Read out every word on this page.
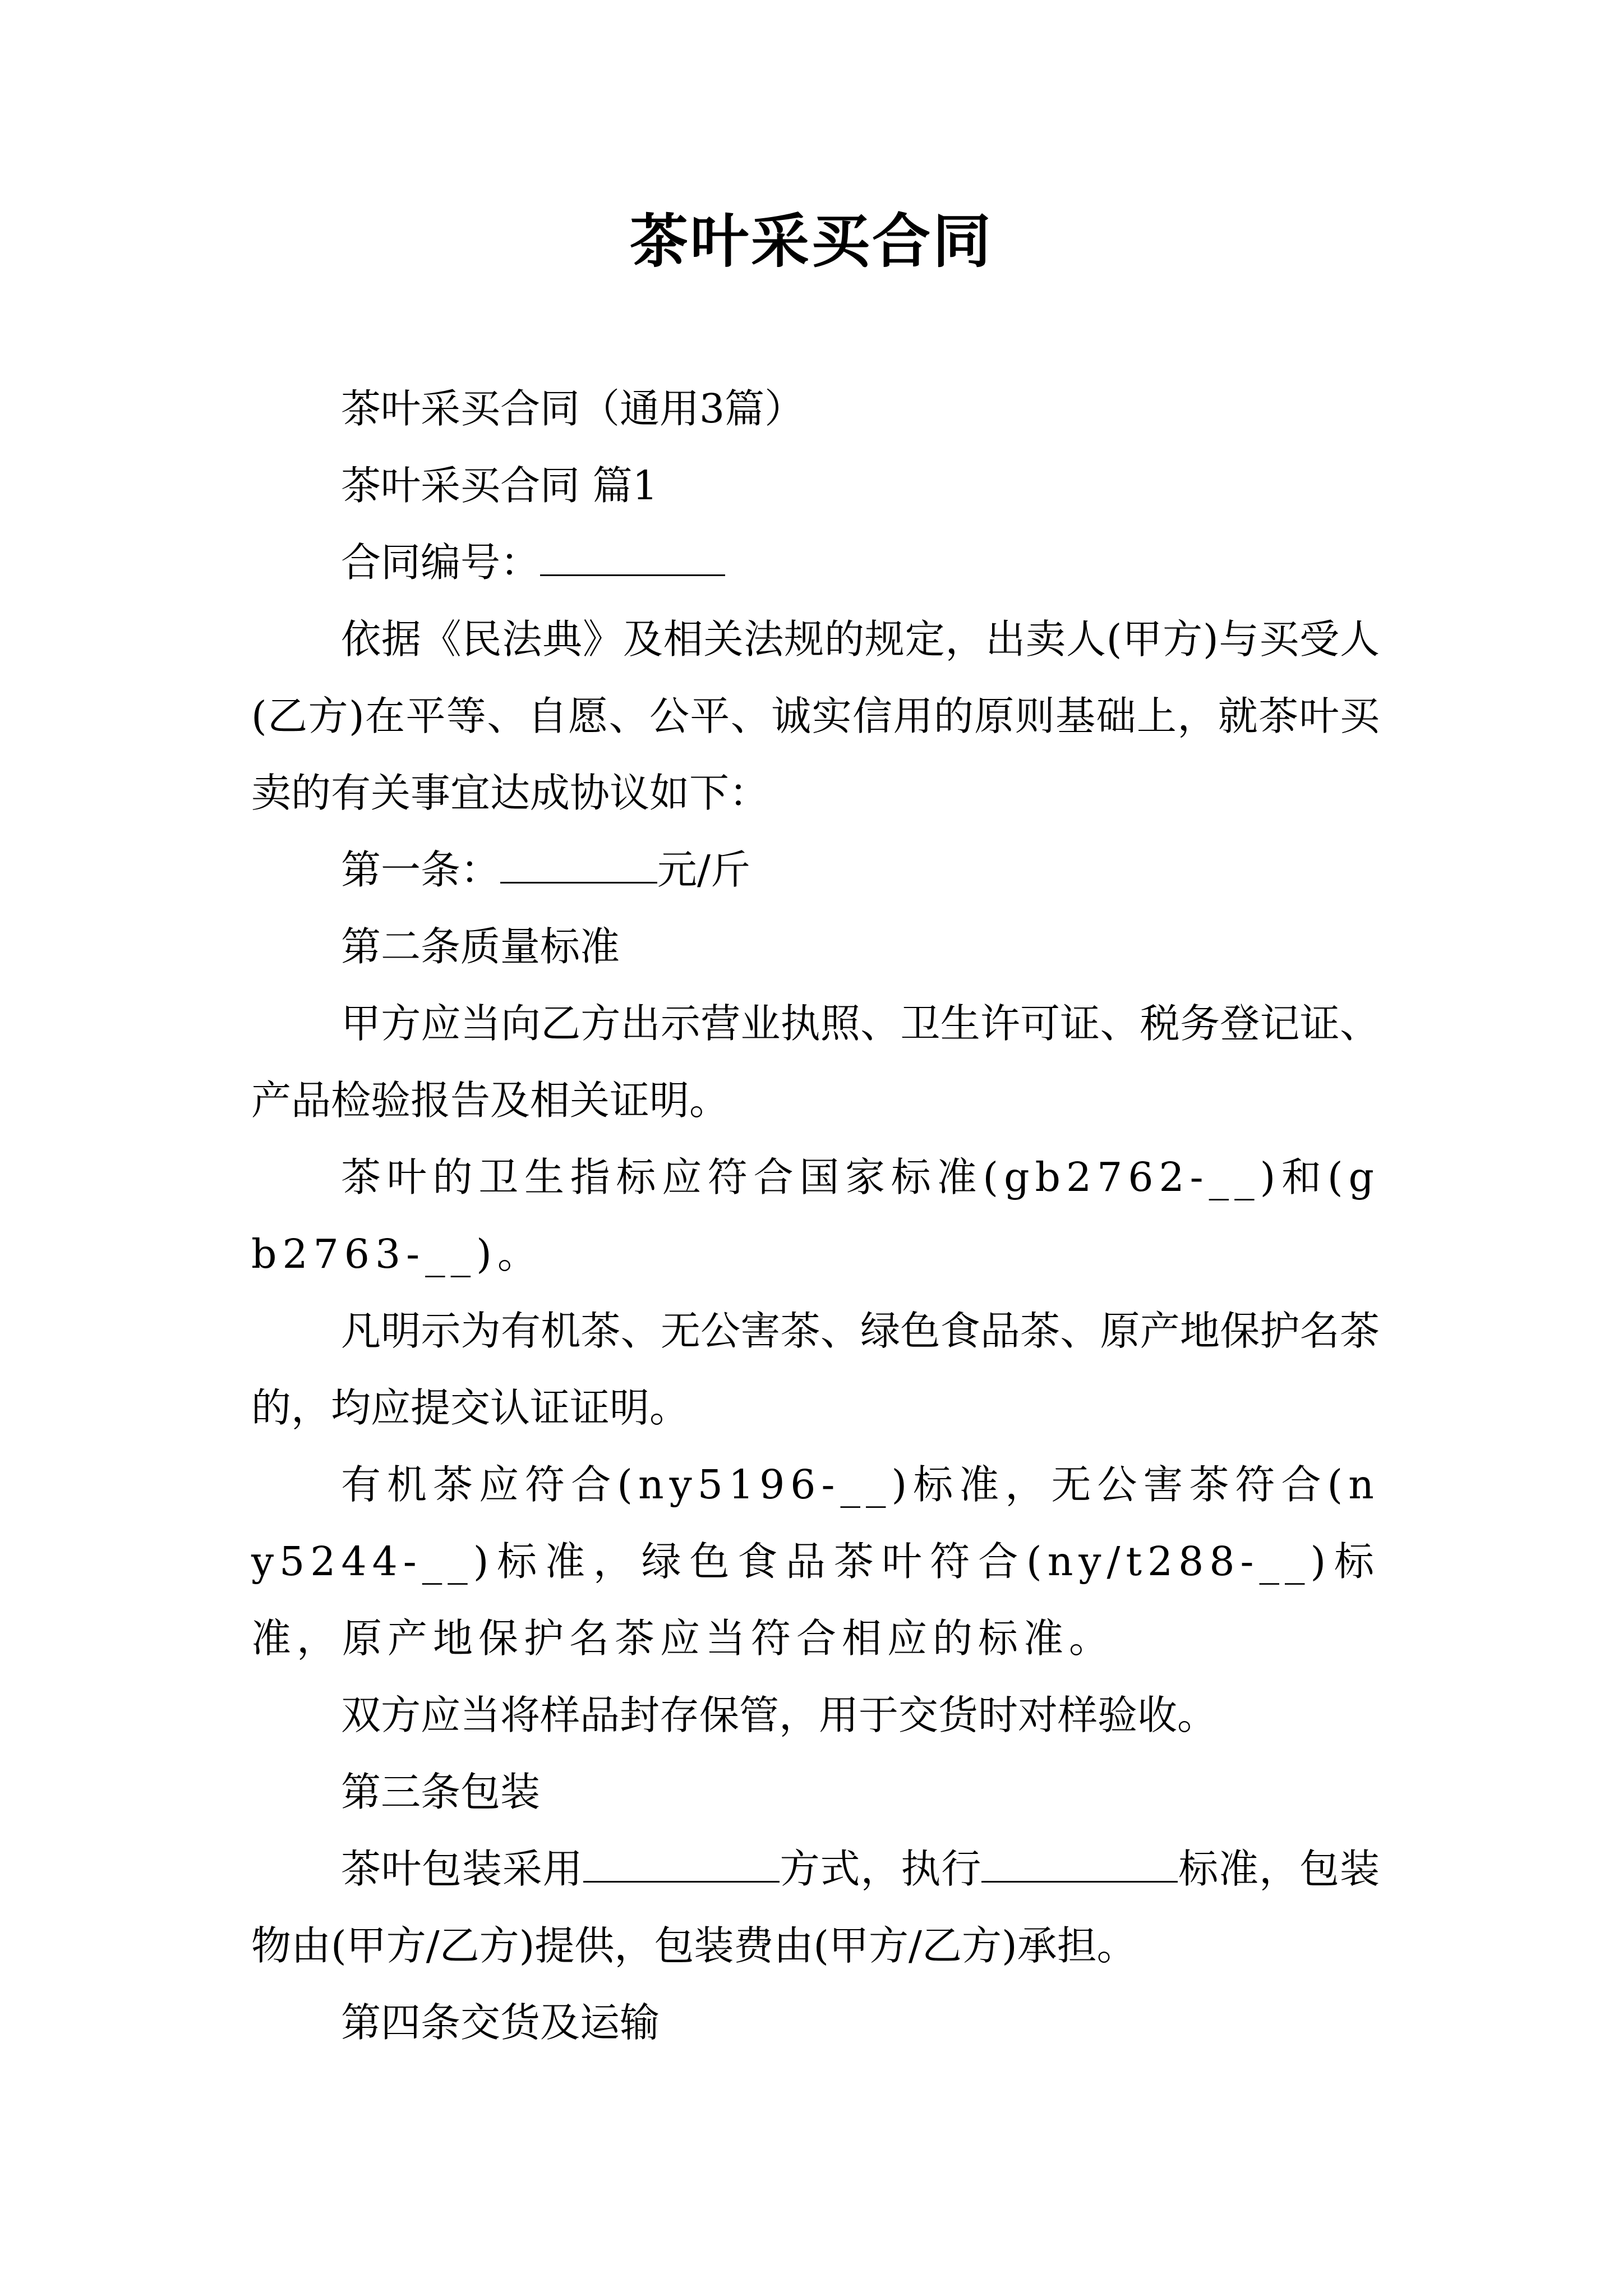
茶叶采买合同

茶叶采买合同（通用3篇）

茶叶采买合同 篇1

合同编号：

依据《民法典》及相关法规的规定，出卖人(甲方)与买受人(乙方)在平等、自愿、公平、诚实信用的原则基础上，就茶叶买卖的有关事宜达成协议如下：

第一条：	元/斤

第二条质量标准

甲方应当向乙方出示营业执照、卫生许可证、税务登记证、产品检验报告及相关证明。

茶叶的卫生指标应符合国家标准(gb2762-__)和(gb2763-__)。

凡明示为有机茶、无公害茶、绿色食品茶、原产地保护名茶的，均应提交认证证明。

有机茶应符合(ny5196-__)标准，无公害茶符合(ny5244-__)标准，绿色食品茶叶符合(ny/t288-__)标准，原产地保护名茶应当符合相应的标准。

双方应当将样品封存保管，用于交货时对样验收。

第三条包装

茶叶包装采用	方式，执行	标准，包装物由(甲方/乙方)提供，包装费由(甲方/乙方)承担。

第四条交货及运输
